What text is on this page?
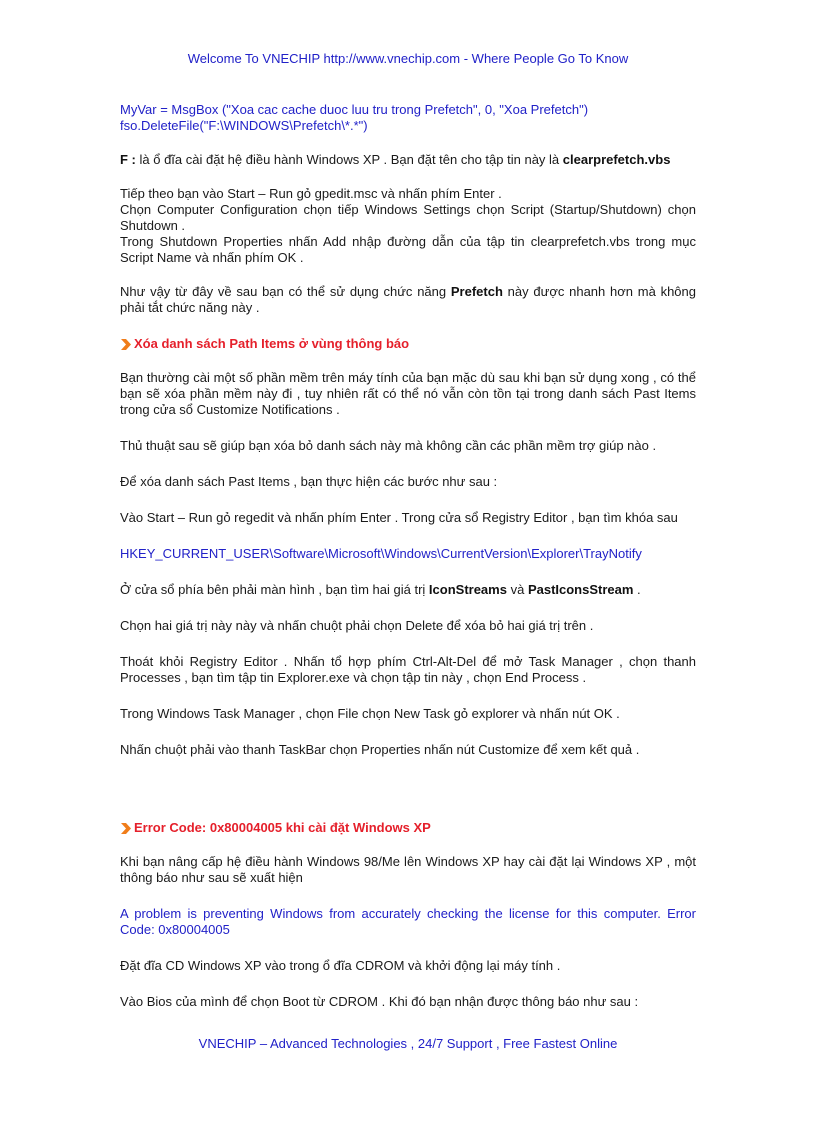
Welcome To VNECHIP http://www.vnechip.com - Where People Go To Know

MyVar = MsgBox ("Xoa cac cache duoc luu tru trong Prefetch", 0, "Xoa Prefetch")

fso.DeleteFile("F:\WINDOWS\Prefetch\*.*")

F : là ổ đĩa cài đặt hệ điều hành Windows XP . Bạn đặt tên cho tập tin này là clearprefetch.vbs

Tiếp theo bạn vào Start – Run gỏ gpedit.msc và nhấn phím Enter .

Chọn Computer Configuration chọn tiếp Windows Settings chọn Script (Startup/Shutdown) chọn Shutdown .

Trong Shutdown Properties nhấn Add nhập đường dẫn của tập tin clearprefetch.vbs trong mục Script Name và nhấn phím OK .

Như vậy từ đây về sau bạn có thể sử dụng chức năng Prefetch này được nhanh hơn mà không phải tắt chức năng này .

Xóa danh sách Path Items ở vùng thông báo

Bạn thường cài một số phần mềm trên máy tính của bạn mặc dù sau khi bạn sử dụng xong , có thể bạn sẽ xóa phần mềm này đi , tuy nhiên rất có thể nó vẫn còn tồn tại trong danh sách Past Items trong cửa sổ Customize Notifications .

Thủ thuật sau sẽ giúp bạn xóa bỏ danh sách này mà không cần các phần mềm trợ giúp nào .

Để xóa danh sách Past Items , bạn thực hiện các bước như sau :

Vào Start – Run gỏ regedit và nhấn phím Enter . Trong cửa sổ Registry Editor , bạn tìm khóa sau

HKEY_CURRENT_USER\Software\Microsoft\Windows\CurrentVersion\Explorer\TrayNotify

Ở cửa sổ phía bên phải màn hình , bạn tìm hai giá trị IconStreams và PastIconsStream .

Chọn hai giá trị này này và nhấn chuột phải chọn Delete để xóa bỏ hai giá trị trên .

Thoát khỏi Registry Editor . Nhấn tổ hợp phím Ctrl-Alt-Del để mở Task Manager , chọn thanh Processes , bạn tìm tập tin Explorer.exe và chọn tập tin này , chọn End Process .

Trong Windows Task Manager , chọn File chọn New Task gỏ explorer và nhấn nút OK .

Nhấn chuột phải vào thanh TaskBar chọn Properties nhấn nút Customize để xem kết quả .

Error Code: 0x80004005 khi cài đặt Windows XP

Khi bạn nâng cấp hệ điều hành Windows 98/Me lên Windows XP hay cài đặt lại Windows XP , một thông báo như sau sẽ xuất hiện

A problem is preventing Windows from accurately checking the license for this computer. Error Code: 0x80004005

Đặt đĩa CD Windows XP vào trong ổ đĩa CDROM và khởi động lại máy tính .

Vào Bios của mình để chọn Boot từ CDROM . Khi đó bạn nhận được thông báo như sau :

VNECHIP – Advanced Technologies , 24/7 Support , Free Fastest Online
